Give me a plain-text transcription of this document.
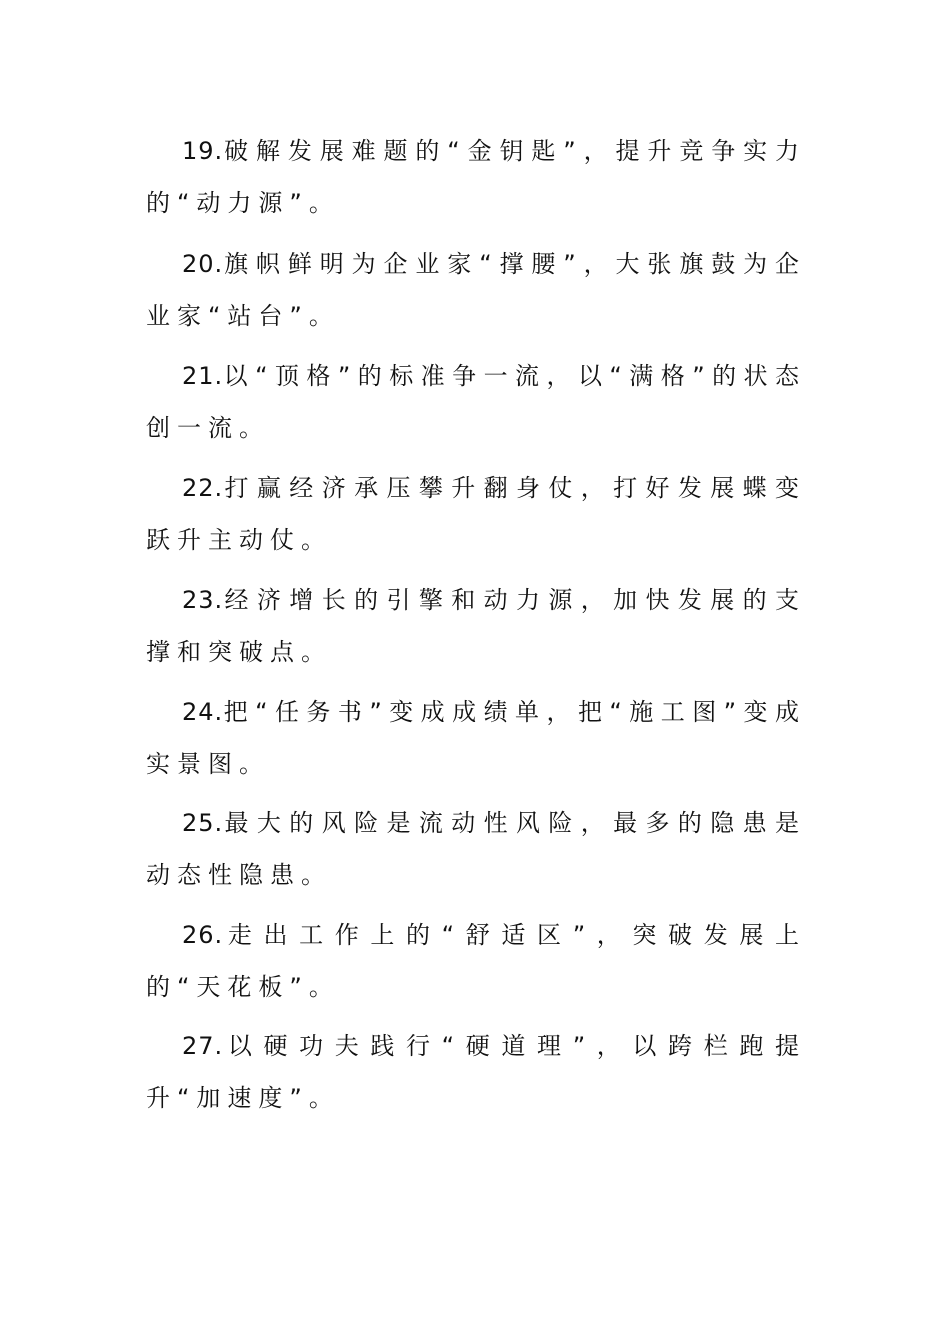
19.破解发展难题的“金钥匙”，提升竞争实力的“动力源”。

20.旗帜鲜明为企业家“撑腰”，大张旗鼓为企业家“站台”。

21.以“顶格”的标准争一流，以“满格”的状态创一流。

22.打赢经济承压攀升翻身仗，打好发展蝶变跃升主动仗。

23.经济增长的引擎和动力源，加快发展的支撑和突破点。

24.把“任务书”变成成绩单，把“施工图”变成实景图。

25.最大的风险是流动性风险，最多的隐患是动态性隐患。

26.走出工作上的“舒适区”，突破发展上的“天花板”。

27.以硬功夫践行“硬道理”，以跨栏跑提升“加速度”。
